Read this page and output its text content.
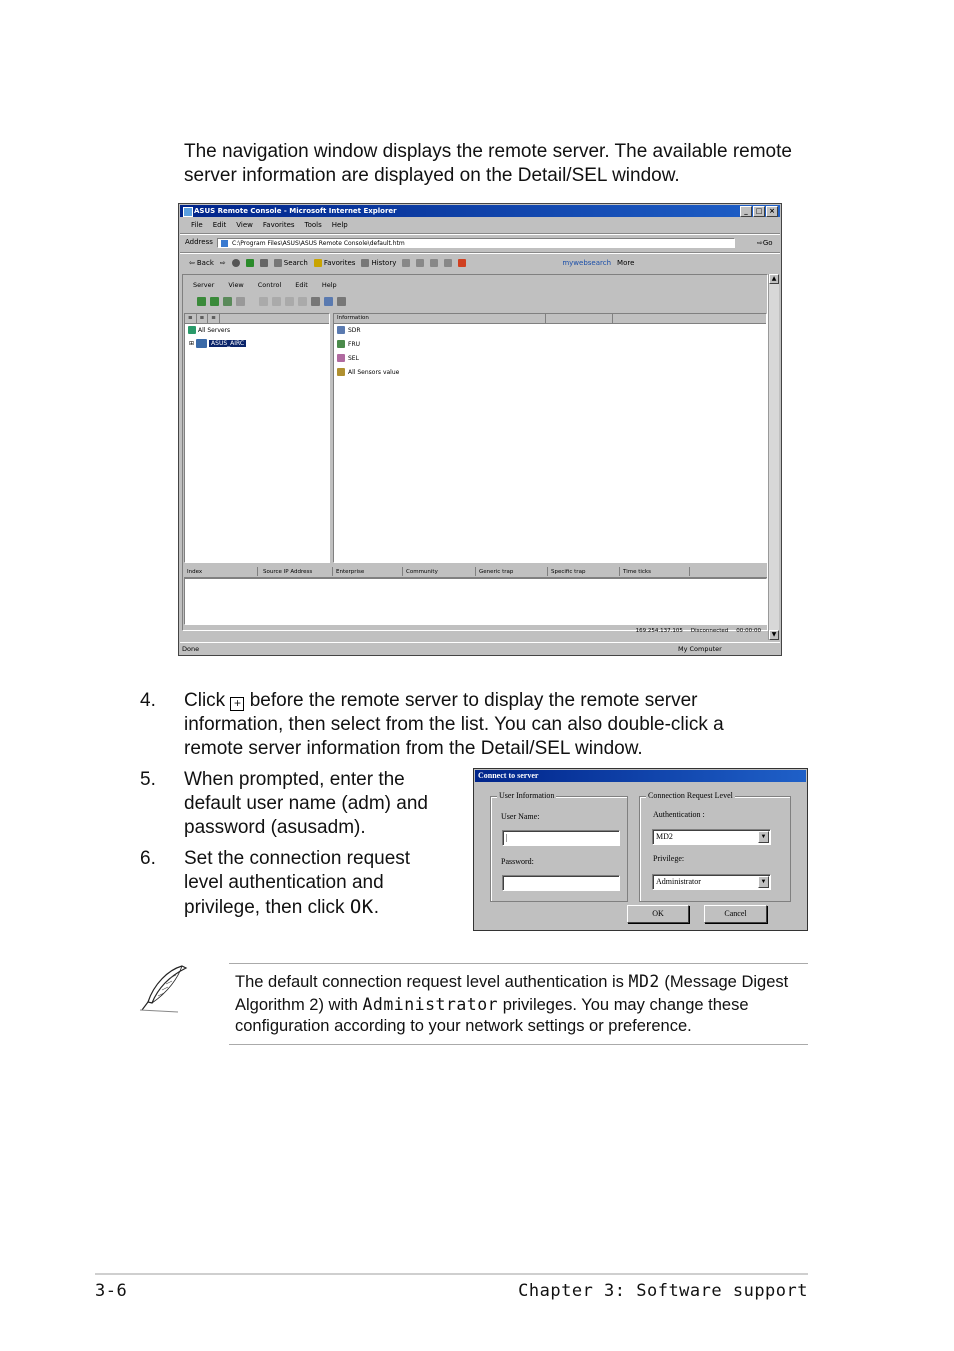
The navigation window displays the remote server. The available remote server information are displayed on the Detail/SEL window.
ASUS Remote Console - Microsoft Internet Explorer	_	□ ×
File Edit View Favorites Tools Help
Address	C:\Program Files\ASUS\ASUS Remote Console\default.htm	⇨Go
⇦ Back ⇨	Search Favorites History	mywebsearch More
Server View Control Edit Help
≡	≡	≡
All Servers
⊞	ASUS_AIRC
Information
SDR
FRU
SEL
All Sensors value
Index	Source IP Address	Enterprise	Community	Generic trap	Specific trap	Time ticks
169.254.137.105 Disconnected 00:00:00
▲
▼
Done	My Computer
4. Click + before the remote server to display the remote server
information, then select from the list. You can also double-click a
remote server information from the Detail/SEL window.
5. When prompted, enter the
default user name (adm) and
password (asusadm).
6. Set the connection request
level authentication and
privilege, then click OK.
Connect to server
User Information
User Name:
|
Password:
Connection Request Level
Authentication :
MD2	▼
Privilege:
Administrator	▼
OK	Cancel
The default connection request level authentication is MD2 (Message Digest Algorithm 2) with Administrator privileges. You may change these configuration according to your network settings or preference.
3-6	Chapter 3: Software support
